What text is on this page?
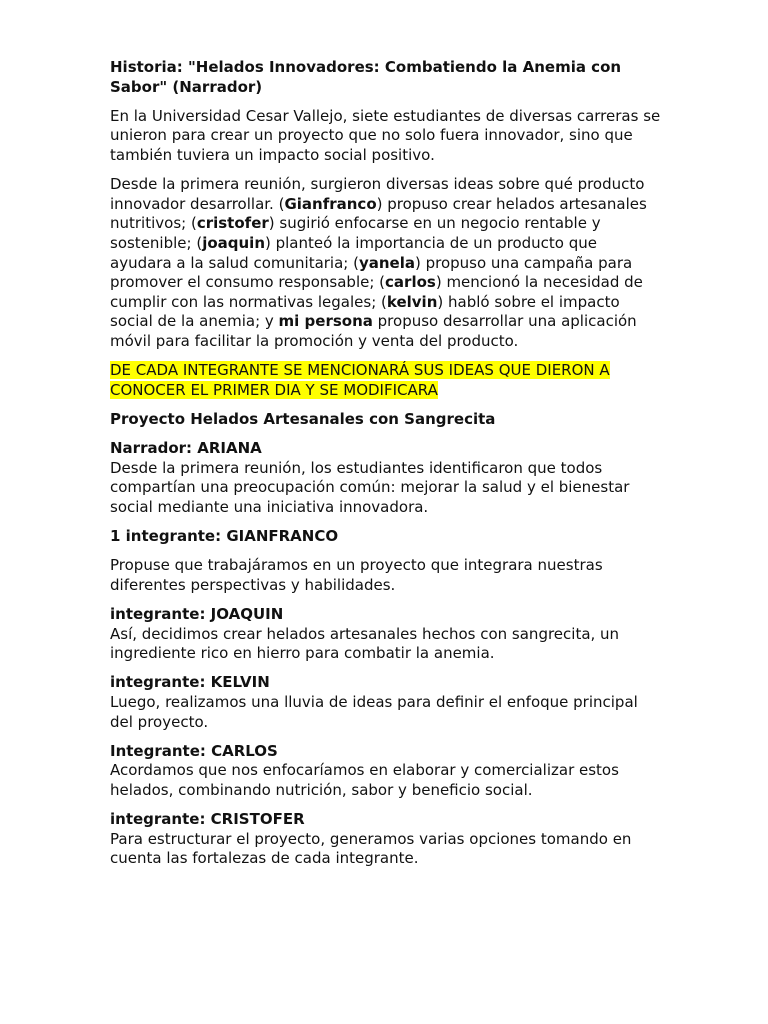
Historia: "Helados Innovadores: Combatiendo la Anemia con Sabor" (Narrador)

En la Universidad Cesar Vallejo, siete estudiantes de diversas carreras se unieron para crear un proyecto que no solo fuera innovador, sino que también tuviera un impacto social positivo.

Desde la primera reunión, surgieron diversas ideas sobre qué producto innovador desarrollar. (Gianfranco) propuso crear helados artesanales nutritivos; (cristofer) sugirió enfocarse en un negocio rentable y sostenible; (joaquin) planteó la importancia de un producto que ayudara a la salud comunitaria; (yanela) propuso una campaña para promover el consumo responsable; (carlos) mencionó la necesidad de cumplir con las normativas legales; (kelvin) habló sobre el impacto social de la anemia; y mi persona propuso desarrollar una aplicación móvil para facilitar la promoción y venta del producto.

DE CADA INTEGRANTE SE MENCIONARÁ SUS IDEAS QUE DIERON A CONOCER EL PRIMER DIA Y SE MODIFICARA

Proyecto Helados Artesanales con Sangrecita

Narrador: ARIANA

Desde la primera reunión, los estudiantes identificaron que todos compartían una preocupación común: mejorar la salud y el bienestar social mediante una iniciativa innovadora.

1 integrante: GIANFRANCO

Propuse que trabajáramos en un proyecto que integrara nuestras diferentes perspectivas y habilidades.

integrante: JOAQUIN

Así, decidimos crear helados artesanales hechos con sangrecita, un ingrediente rico en hierro para combatir la anemia.

integrante: KELVIN

Luego, realizamos una lluvia de ideas para definir el enfoque principal del proyecto.

Integrante: CARLOS

Acordamos que nos enfocaríamos en elaborar y comercializar estos helados, combinando nutrición, sabor y beneficio social.

integrante: CRISTOFER

Para estructurar el proyecto, generamos varias opciones tomando en cuenta las fortalezas de cada integrante.
